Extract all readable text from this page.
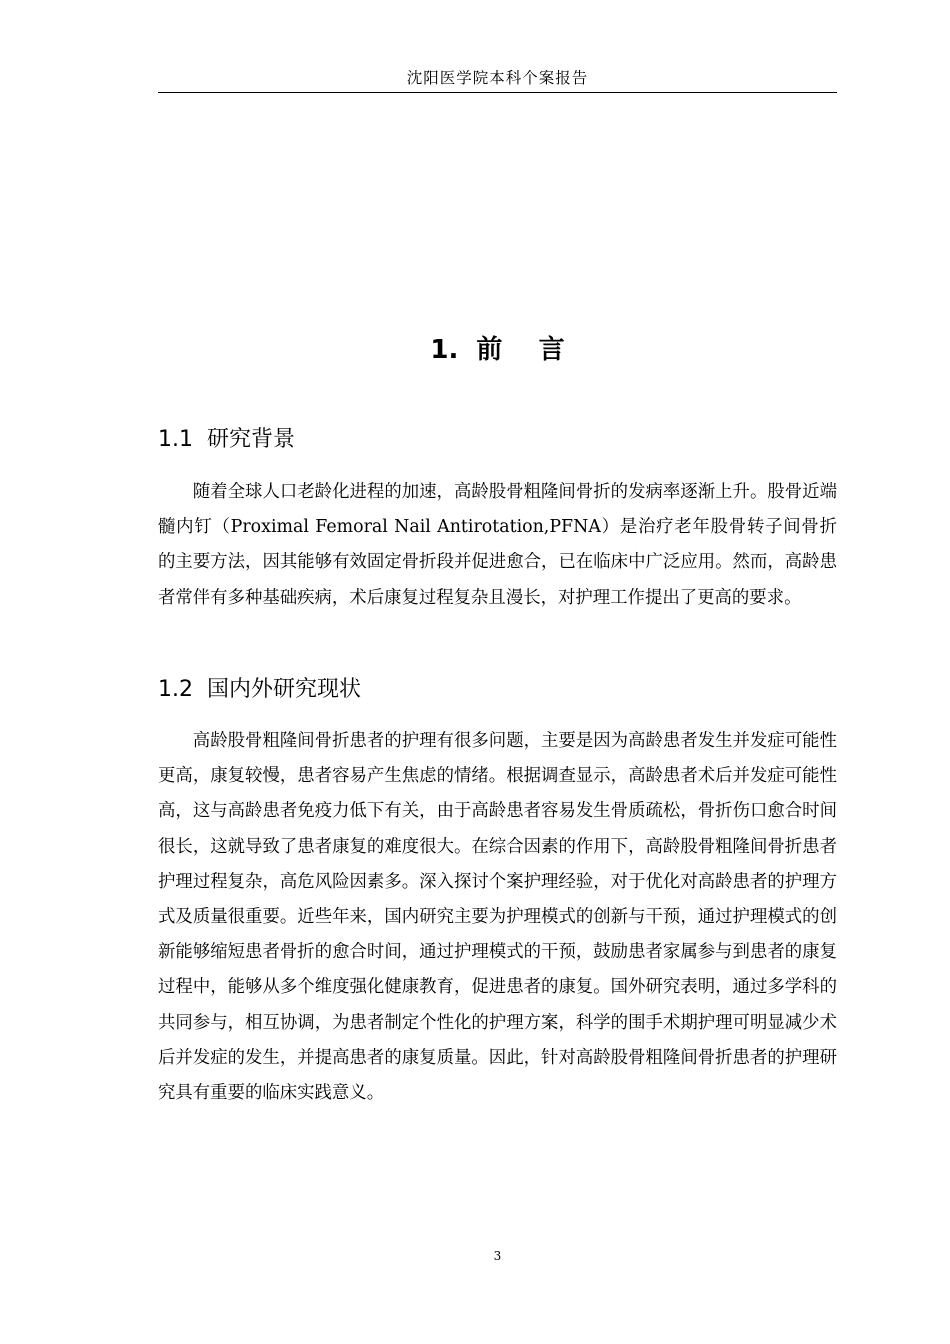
沈阳医学院本科个案报告
1.  前    言
1.1  研究背景

随着全球人口老龄化进程的加速，高龄股骨粗隆间骨折的发病率逐渐上升。股骨近端髓内钉（Proximal Femoral Nail Antirotation,PFNA）是治疗老年股骨转子间骨折的主要方法，因其能够有效固定骨折段并促进愈合，已在临床中广泛应用。然而，高龄患者常伴有多种基础疾病，术后康复过程复杂且漫长，对护理工作提出了更高的要求。

1.2  国内外研究现状

高龄股骨粗隆间骨折患者的护理有很多问题，主要是因为高龄患者发生并发症可能性更高，康复较慢，患者容易产生焦虑的情绪。根据调查显示，高龄患者术后并发症可能性高，这与高龄患者免疫力低下有关，由于高龄患者容易发生骨质疏松，骨折伤口愈合时间很长，这就导致了患者康复的难度很大。在综合因素的作用下，高龄股骨粗隆间骨折患者护理过程复杂，高危风险因素多。深入探讨个案护理经验，对于优化对高龄患者的护理方式及质量很重要。近些年来，国内研究主要为护理模式的创新与干预，通过护理模式的创新能够缩短患者骨折的愈合时间，通过护理模式的干预，鼓励患者家属参与到患者的康复过程中，能够从多个维度强化健康教育，促进患者的康复。国外研究表明，通过多学科的共同参与，相互协调，为患者制定个性化的护理方案，科学的围手术期护理可明显减少术后并发症的发生，并提高患者的康复质量。因此，针对高龄股骨粗隆间骨折患者的护理研究具有重要的临床实践意义。

3
